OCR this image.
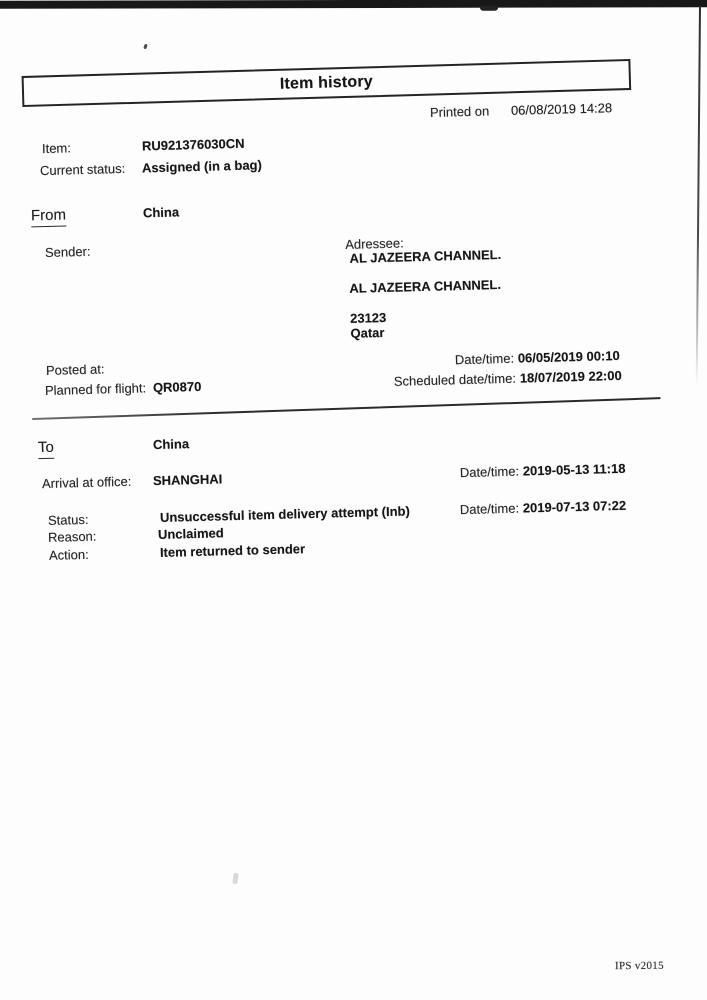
Item history
Printed on 06/08/2019 14:28
Item:	RU921376030CN
Current status: Assigned (in a bag)
From	China
Sender:	Adressee:
AL JAZEERA CHANNEL.
AL JAZEERA CHANNEL.
23123
Qatar
Posted at:
Date/time: 06/05/2019 00:10
Planned for flight: QR0870	Scheduled date/time: 18/07/2019 22:00
To	China
Arrival at office: SHANGHAI	Date/time: 2019-05-13 11:18
Status:	Unsuccessful item delivery attempt (Inb)	Date/time: 2019-07-13 07:22
Reason:	Unclaimed
Action:	Item returned to sender
IPS v2015
